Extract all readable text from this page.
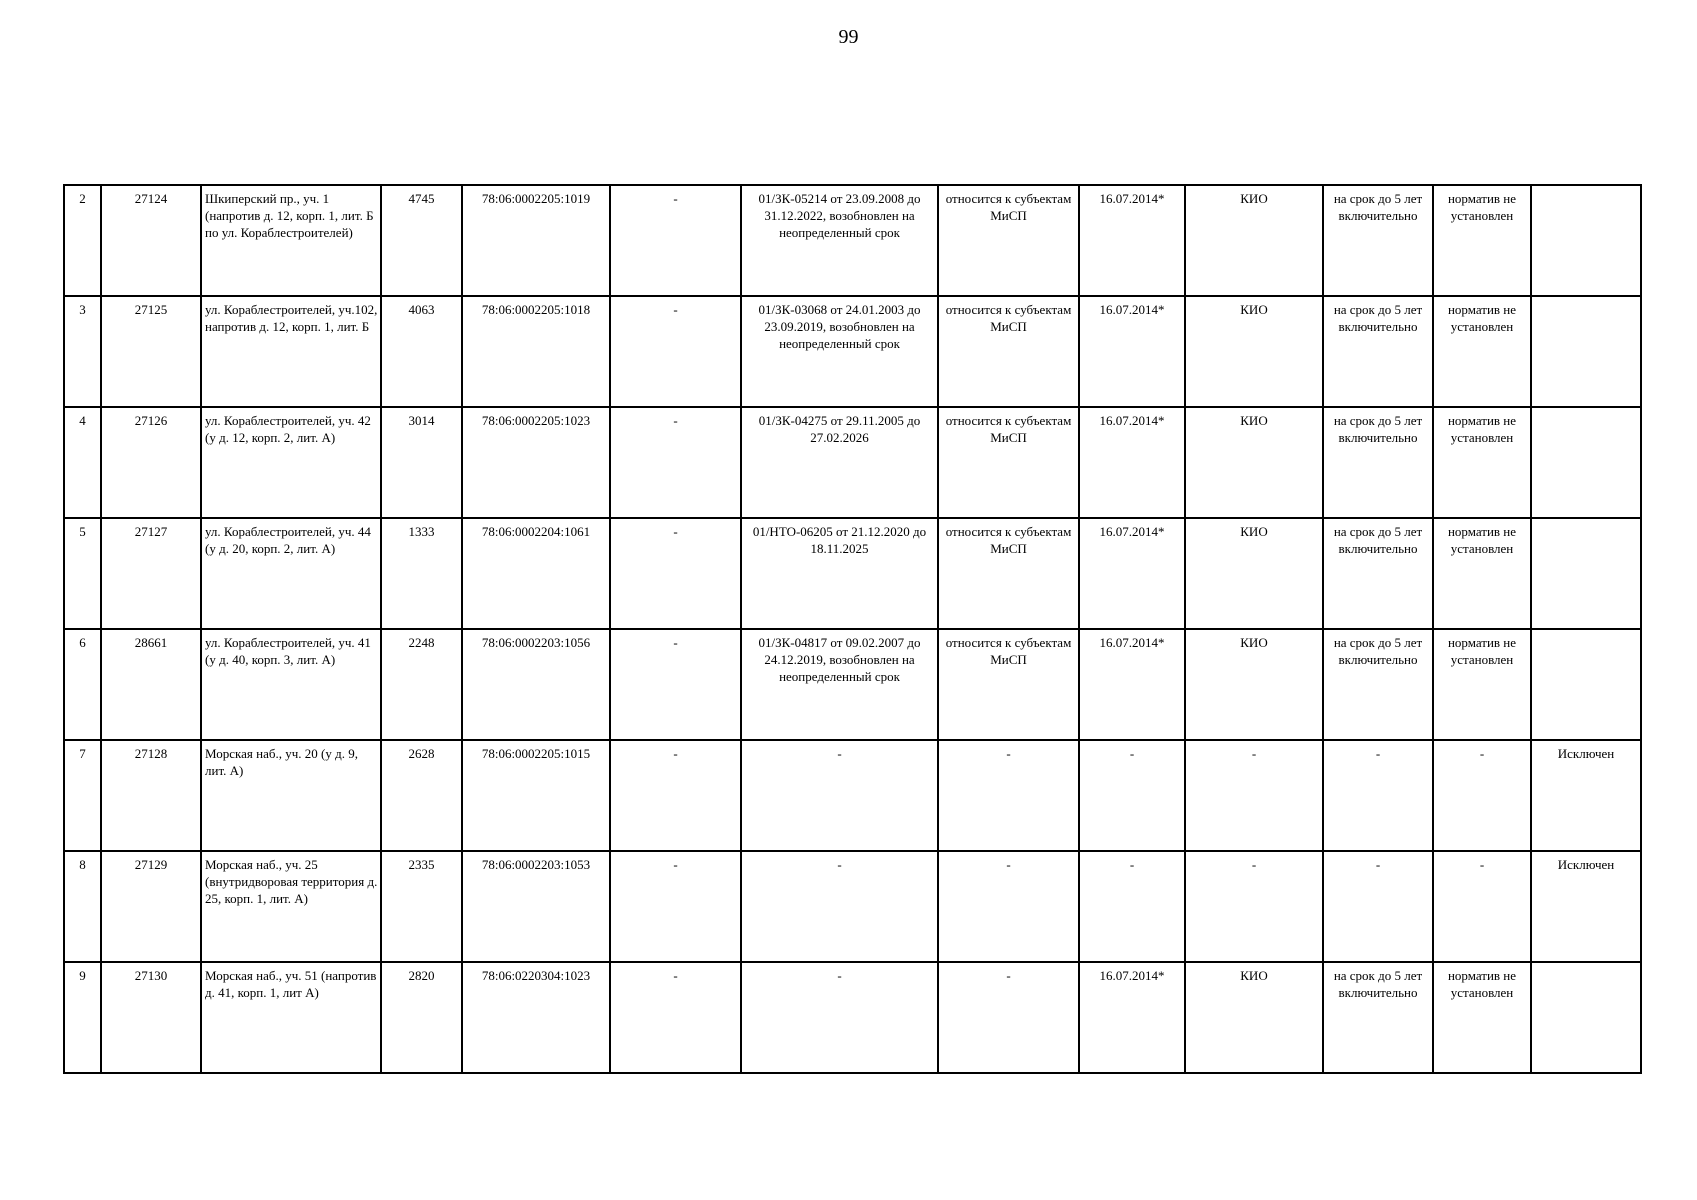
99
2	27124	Шкиперский пр., уч. 1 (напротив д. 12, корп. 1, лит. Б по ул. Кораблестроителей)	4745	78:06:0002205:1019	-	01/ЗК-05214 от 23.09.2008 до 31.12.2022, возобновлен на неопределенный срок	относится к субъектам МиСП	16.07.2014*	КИО	на срок до 5 лет включительно	норматив не установлен	
3	27125	ул. Кораблестроителей, уч.102, напротив д. 12, корп. 1, лит. Б	4063	78:06:0002205:1018	-	01/ЗК-03068 от 24.01.2003 до 23.09.2019, возобновлен на неопределенный срок	относится к субъектам МиСП	16.07.2014*	КИО	на срок до 5 лет включительно	норматив не установлен	
4	27126	ул. Кораблестроителей, уч. 42 (у д. 12, корп. 2, лит. А)	3014	78:06:0002205:1023	-	01/ЗК-04275 от 29.11.2005 до 27.02.2026	относится к субъектам МиСП	16.07.2014*	КИО	на срок до 5 лет включительно	норматив не установлен	
5	27127	ул. Кораблестроителей, уч. 44 (у д. 20, корп. 2, лит. А)	1333	78:06:0002204:1061	-	01/НТО-06205 от 21.12.2020 до 18.11.2025	относится к субъектам МиСП	16.07.2014*	КИО	на срок до 5 лет включительно	норматив не установлен	
6	28661	ул. Кораблестроителей, уч. 41 (у д. 40, корп. 3, лит. А)	2248	78:06:0002203:1056	-	01/ЗК-04817 от 09.02.2007 до 24.12.2019, возобновлен на неопределенный срок	относится к субъектам МиСП	16.07.2014*	КИО	на срок до 5 лет включительно	норматив не установлен	
7	27128	Морская наб., уч. 20 (у д. 9, лит. А)	2628	78:06:0002205:1015	-	-	-	-	-	-	-	Исключен
8	27129	Морская наб., уч. 25 (внутридворовая территория д. 25, корп. 1, лит. А)	2335	78:06:0002203:1053	-	-	-	-	-	-	-	Исключен
9	27130	Морская наб., уч. 51 (напротив д. 41, корп. 1, лит А)	2820	78:06:0220304:1023	-	-	-	16.07.2014*	КИО	на срок до 5 лет включительно	норматив не установлен	
